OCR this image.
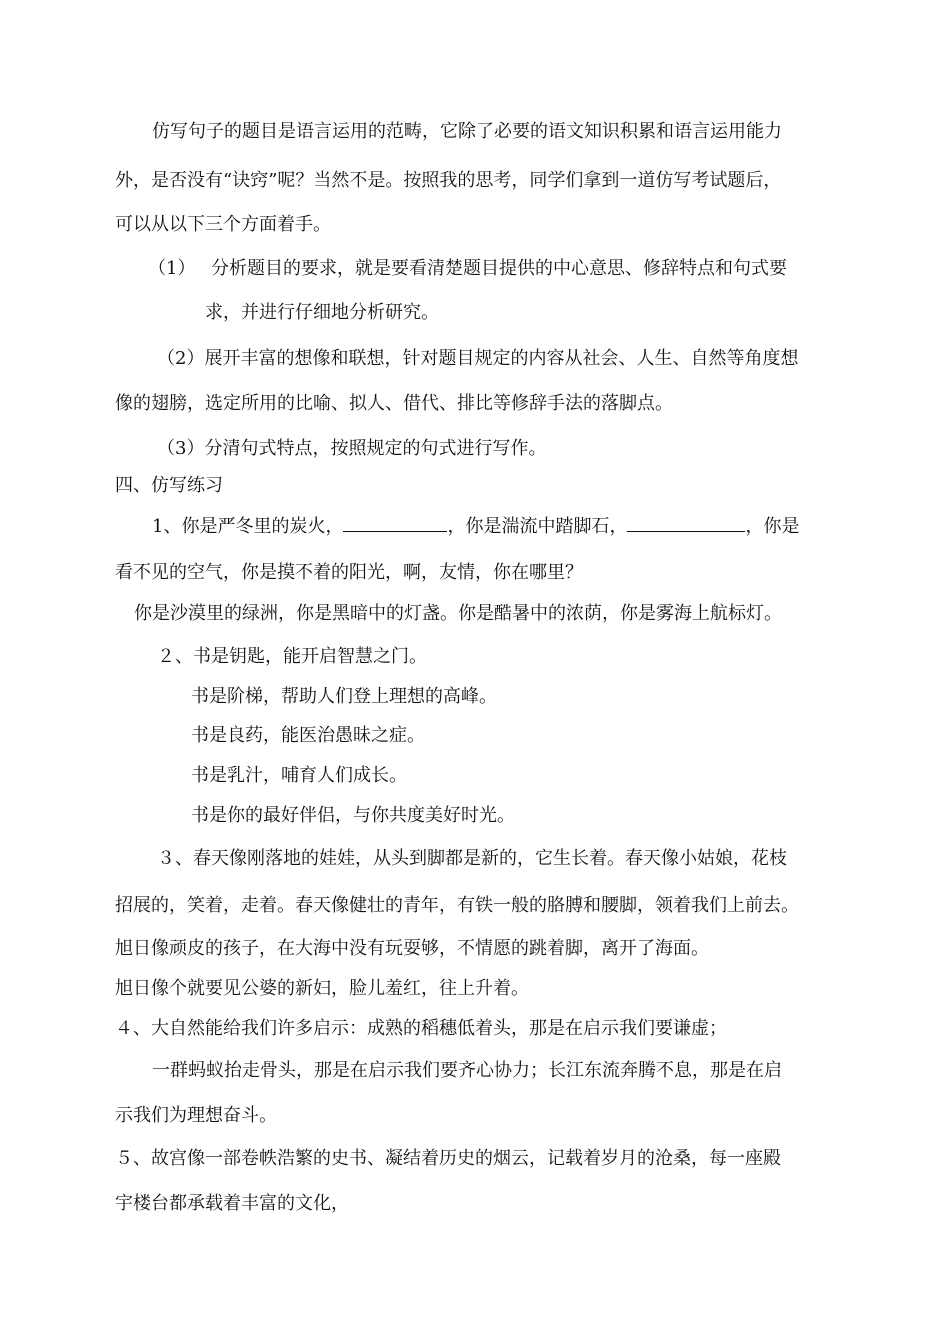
仿写句子的题目是语言运用的范畴，它除了必要的语文知识积累和语言运用能力
外，是否没有“诀窍”呢？当然不是。按照我的思考，同学们拿到一道仿写考试题后，
可以从以下三个方面着手。
（1） 分析题目的要求，就是要看清楚题目提供的中心意思、修辞特点和句式要
求，并进行仔细地分析研究。
（2）展开丰富的想像和联想，针对题目规定的内容从社会、人生、自然等角度想
像的翅膀，选定所用的比喻、拟人、借代、排比等修辞手法的落脚点。
（3）分清句式特点，按照规定的句式进行写作。
四、仿写练习
1、你是严冬里的炭火，	，你是湍流中踏脚石，	，你是
看不见的空气，你是摸不着的阳光，啊，友情，你在哪里？
你是沙漠里的绿洲，你是黑暗中的灯盏。你是酷暑中的浓荫，你是雾海上航标灯。
２、书是钥匙，能开启智慧之门。
书是阶梯，帮助人们登上理想的高峰。
书是良药，能医治愚昧之症。
书是乳汁，哺育人们成长。
书是你的最好伴侣，与你共度美好时光。
３、春天像刚落地的娃娃，从头到脚都是新的，它生长着。春天像小姑娘，花枝
招展的，笑着，走着。春天像健壮的青年，有铁一般的胳膊和腰脚，领着我们上前去。
旭日像顽皮的孩子，在大海中没有玩耍够，不情愿的跳着脚，离开了海面。
旭日像个就要见公婆的新妇，脸儿羞红，往上升着。
４、大自然能给我们许多启示：成熟的稻穗低着头，那是在启示我们要谦虚；
一群蚂蚁抬走骨头，那是在启示我们要齐心协力；长江东流奔腾不息，那是在启
示我们为理想奋斗。
５、故宫像一部卷帙浩繁的史书、凝结着历史的烟云，记载着岁月的沧桑，每一座殿
宇楼台都承载着丰富的文化，
